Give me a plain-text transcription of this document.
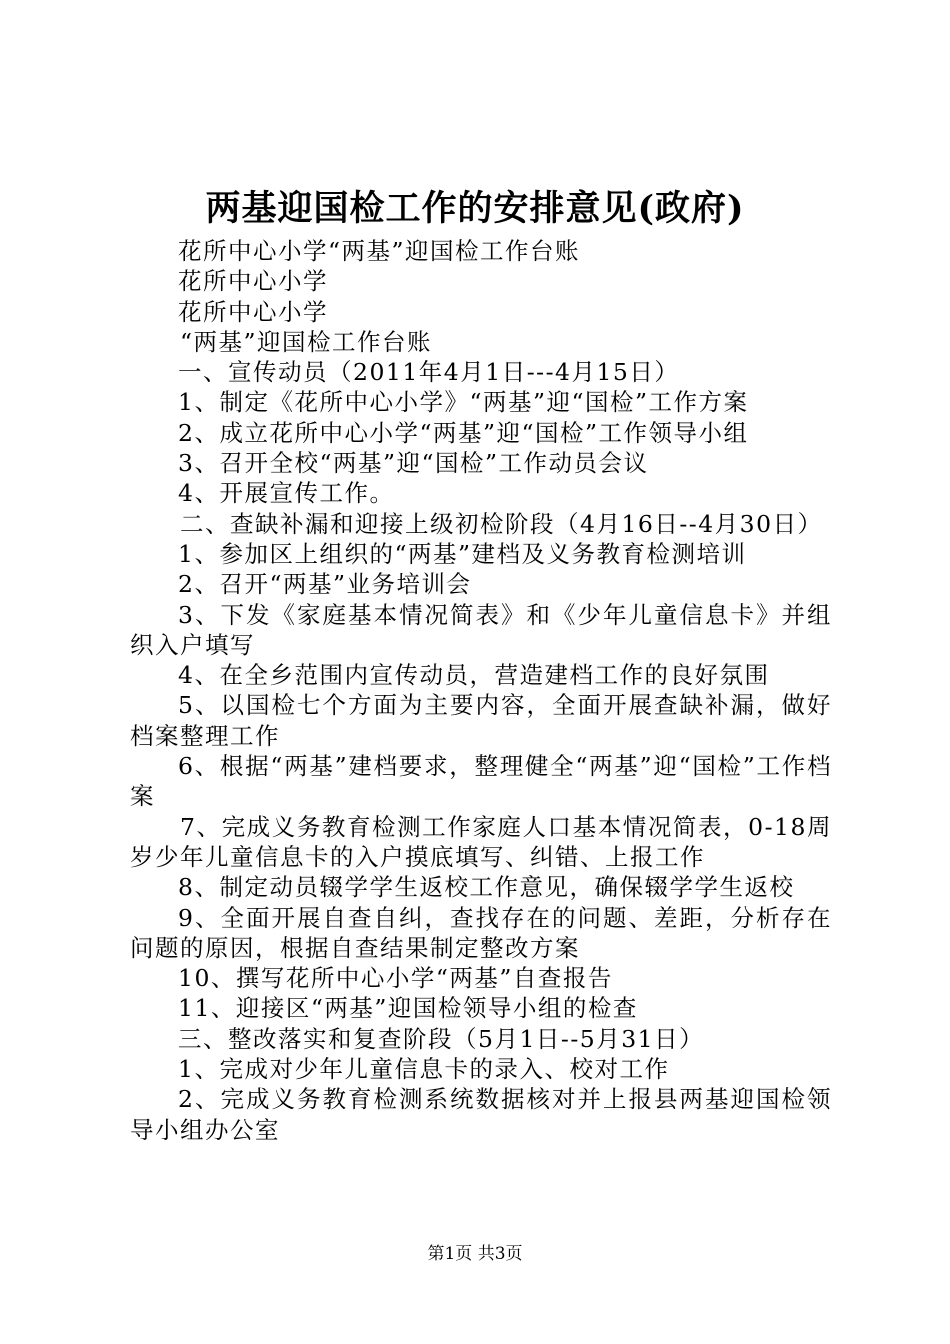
两基迎国检工作的安排意见(政府)

花所中心小学“两基”迎国检工作台账

花所中心小学

花所中心小学

“两基”迎国检工作台账

一、宣传动员（2011年4月1日---4月15日）

1、制定《花所中心小学》“两基”迎“国检”工作方案

2、成立花所中心小学“两基”迎“国检”工作领导小组

3、召开全校“两基”迎“国检”工作动员会议

4、开展宣传工作。

二、查缺补漏和迎接上级初检阶段（4月16日--4月30日）

1、参加区上组织的“两基”建档及义务教育检测培训

2、召开“两基”业务培训会

3、下发《家庭基本情况简表》和《少年儿童信息卡》并组织入户填写

4、在全乡范围内宣传动员，营造建档工作的良好氛围

5、以国检七个方面为主要内容，全面开展查缺补漏，做好档案整理工作

6、根据“两基”建档要求，整理健全“两基”迎“国检”工作档案

7、完成义务教育检测工作家庭人口基本情况简表，0-18周岁少年儿童信息卡的入户摸底填写、纠错、上报工作

8、制定动员辍学学生返校工作意见，确保辍学学生返校

9、全面开展自查自纠，查找存在的问题、差距，分析存在问题的原因，根据自查结果制定整改方案

10、撰写花所中心小学“两基”自查报告

11、迎接区“两基”迎国检领导小组的检查

三、整改落实和复查阶段（5月1日--5月31日）

1、完成对少年儿童信息卡的录入、校对工作

2、完成义务教育检测系统数据核对并上报县两基迎国检领导小组办公室

第1页 共3页
